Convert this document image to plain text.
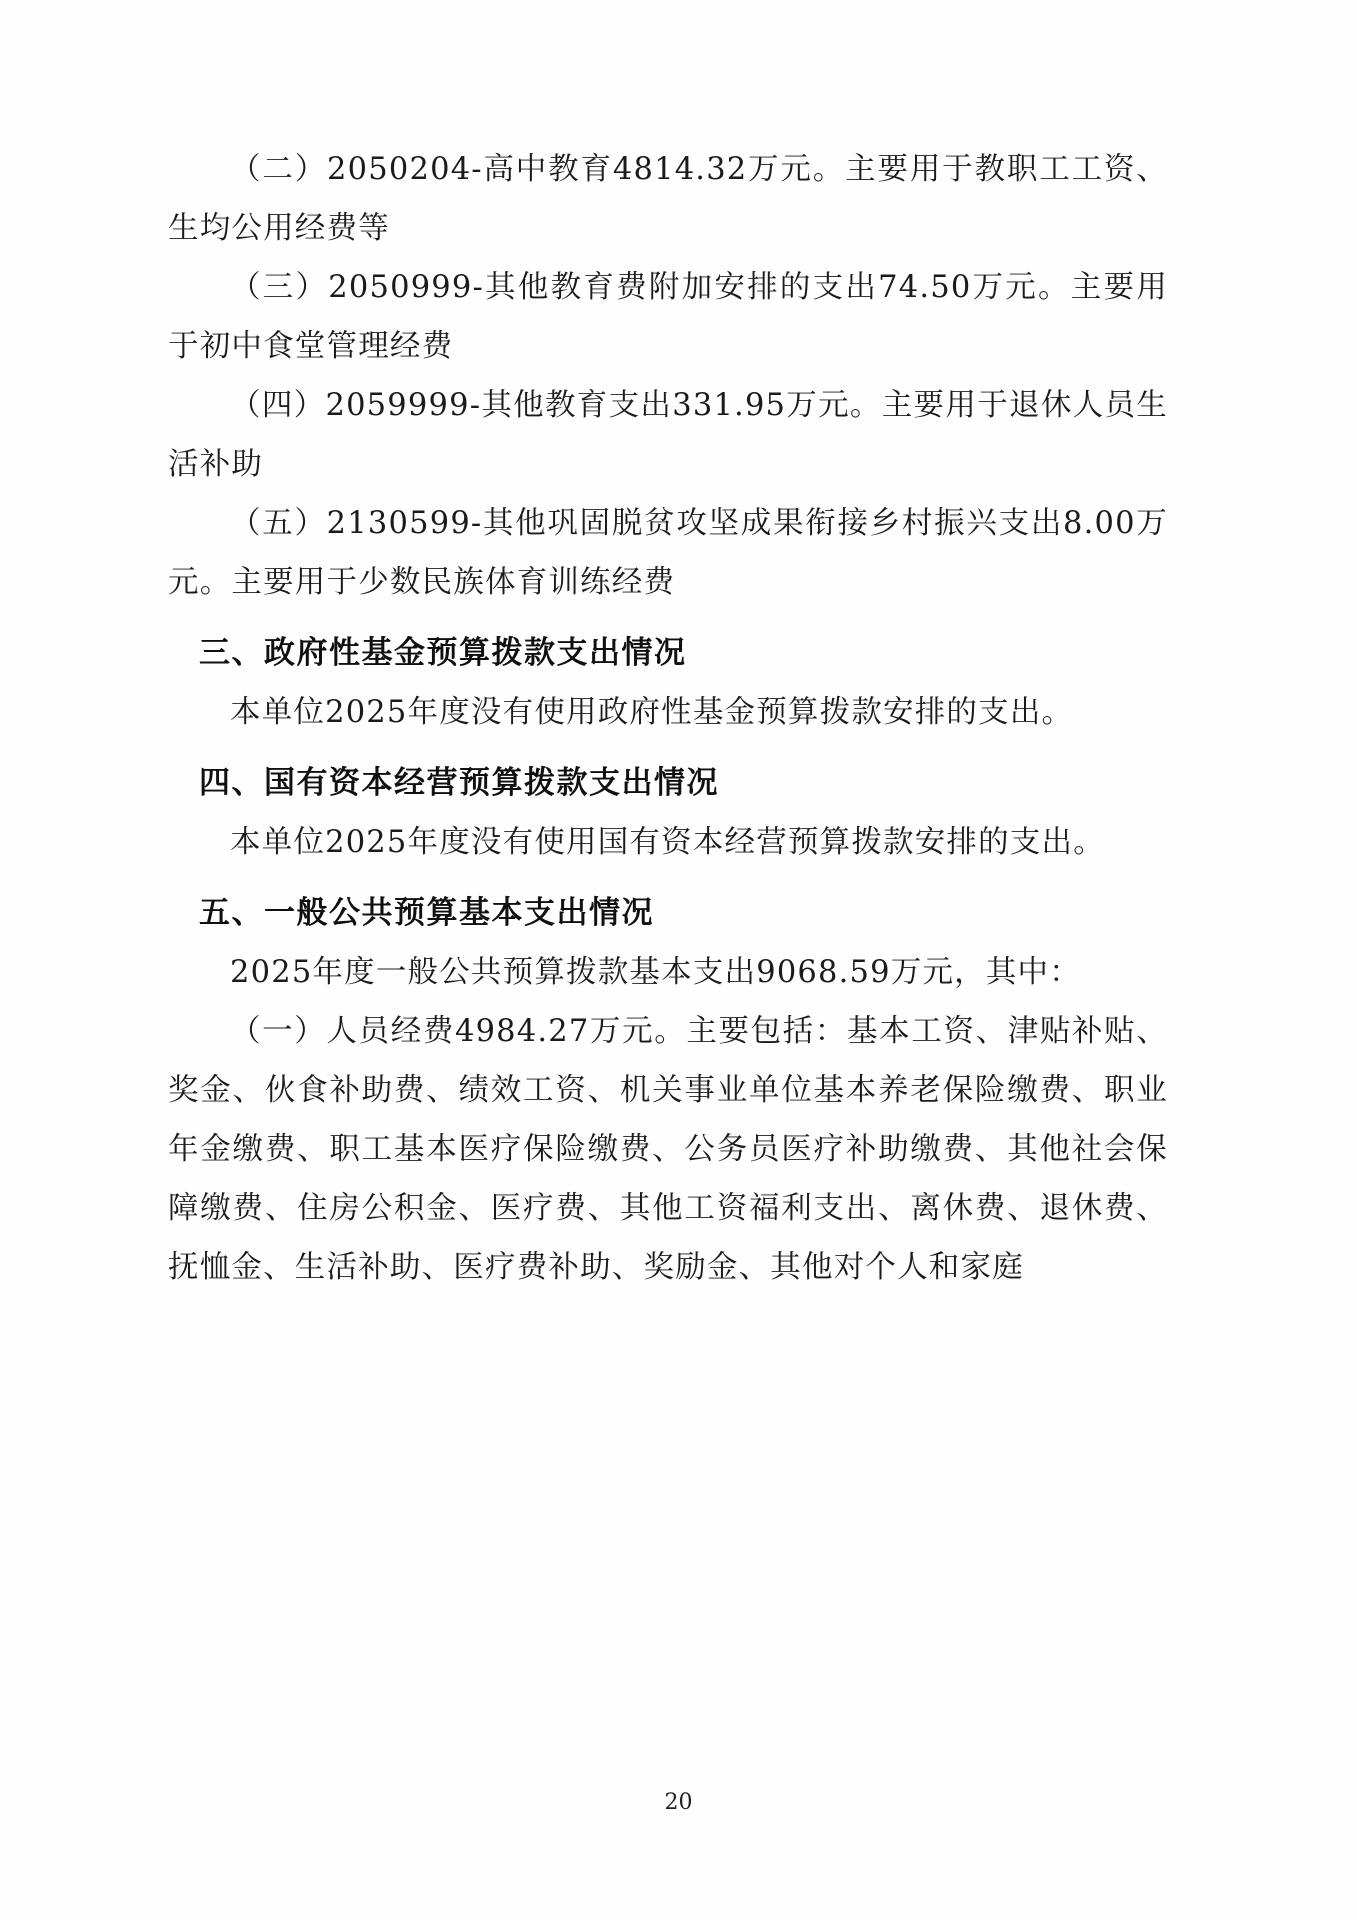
（二）2050204-高中教育4814.32万元。主要用于教职工工资、生均公用经费等

（三）2050999-其他教育费附加安排的支出74.50万元。主要用于初中食堂管理经费

（四）2059999-其他教育支出331.95万元。主要用于退休人员生活补助

（五）2130599-其他巩固脱贫攻坚成果衔接乡村振兴支出8.00万元。主要用于少数民族体育训练经费

三、政府性基金预算拨款支出情况

本单位2025年度没有使用政府性基金预算拨款安排的支出。

四、国有资本经营预算拨款支出情况

本单位2025年度没有使用国有资本经营预算拨款安排的支出。

五、一般公共预算基本支出情况

2025年度一般公共预算拨款基本支出9068.59万元，其中：

（一）人员经费4984.27万元。主要包括：基本工资、津贴补贴、奖金、伙食补助费、绩效工资、机关事业单位基本养老保险缴费、职业年金缴费、职工基本医疗保险缴费、公务员医疗补助缴费、其他社会保障缴费、住房公积金、医疗费、其他工资福利支出、离休费、退休费、抚恤金、生活补助、医疗费补助、奖励金、其他对个人和家庭

20
